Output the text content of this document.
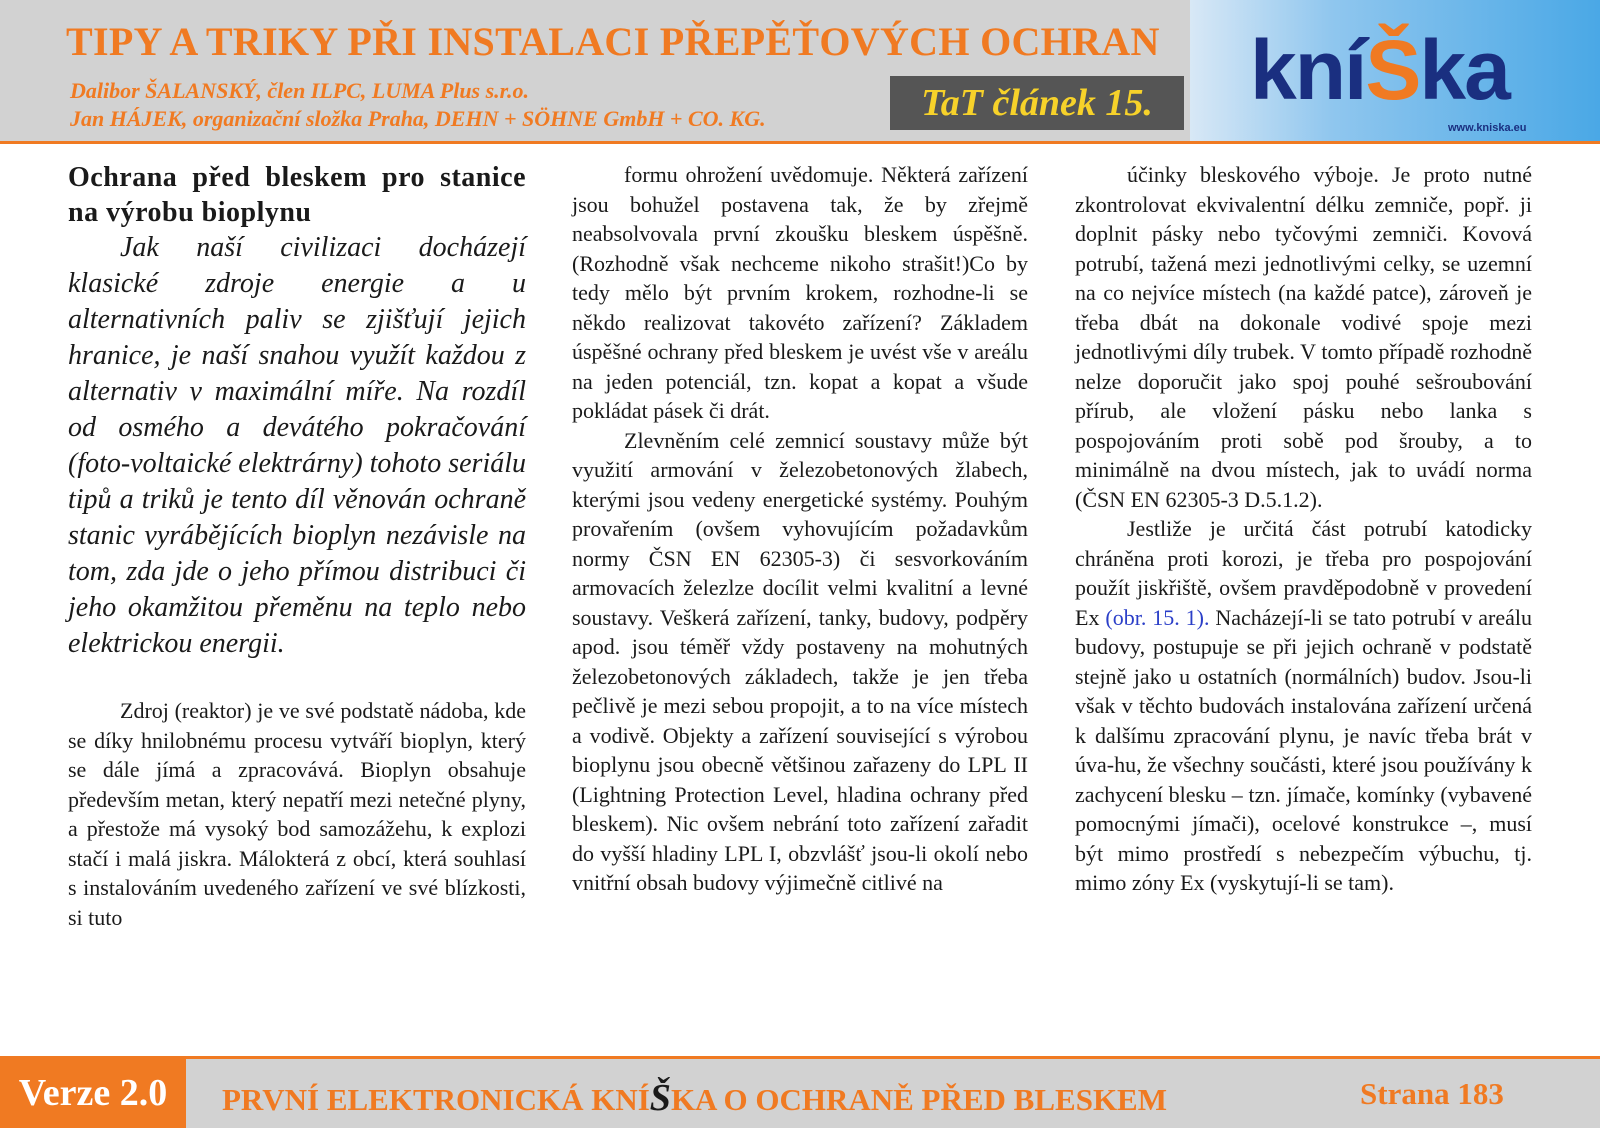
TIPY A TRIKY PŘI INSTALACI PŘEPĚŤOVÝCH OCHRAN
Dalibor ŠALANSKÝ, člen ILPC, LUMA Plus s.r.o.
Jan HÁJEK, organizační složka Praha, DEHN + SÖHNE GmbH + CO. KG.	TaT článek 15.	kníŠka
www.kniska.eu

Ochrana před bleskem pro stanice na výrobu bioplynu

Jak naší civilizaci docházejí klasické zdroje energie a u alternativních paliv se zjišťují jejich hranice, je naší snahou využít každou z alternativ v maximální míře. Na rozdíl od osmého a devátého pokračování (foto-voltaické elektrárny) tohoto seriálu tipů a triků je tento díl věnován ochraně stanic vyrábějících bioplyn nezávisle na tom, zda jde o jeho přímou distribuci či jeho okamžitou přeměnu na teplo nebo elektrickou energii.

Zdroj (reaktor) je ve své podstatě nádoba, kde se díky hnilobnému procesu vytváří bioplyn, který se dále jímá a zpracovává. Bioplyn obsahuje především metan, který nepatří mezi netečné plyny, a přestože má vysoký bod samozážehu, k explozi stačí i malá jiskra. Málokterá z obcí, která souhlasí s instalováním uvedeného zařízení ve své blízkosti, si tuto

formu ohrožení uvědomuje. Některá zařízení jsou bohužel postavena tak, že by zřejmě neabsolvovala první zkoušku bleskem úspěšně. (Rozhodně však nechceme nikoho strašit!)Co by tedy mělo být prvním krokem, rozhodne-li se někdo realizovat takovéto zařízení? Základem úspěšné ochrany před bleskem je uvést vše v areálu na jeden potenciál, tzn. kopat a kopat a všude pokládat pásek či drát.

Zlevněním celé zemnicí soustavy může být využití armování v železobetonových žlabech, kterými jsou vedeny energetické systémy. Pouhým provařením (ovšem vyhovujícím požadavkům normy ČSN EN 62305-3) či sesvorkováním armovacích železlze docílit velmi kvalitní a levné soustavy. Veškerá zařízení, tanky, budovy, podpěry apod. jsou téměř vždy postaveny na mohutných železobetonových základech, takže je jen třeba pečlivě je mezi sebou propojit, a to na více místech a vodivě. Objekty a zařízení související s výrobou bioplynu jsou obecně většinou zařazeny do LPL II (Lightning Protection Level, hladina ochrany před bleskem). Nic ovšem nebrání toto zařízení zařadit do vyšší hladiny LPL I, obzvlášť jsou-li okolí nebo vnitřní obsah budovy výjimečně citlivé na

účinky bleskového výboje. Je proto nutné zkontrolovat ekvivalentní délku zemniče, popř. ji doplnit pásky nebo tyčovými zemniči. Kovová potrubí, tažená mezi jednotlivými celky, se uzemní na co nejvíce místech (na každé patce), zároveň je třeba dbát na dokonale vodivé spoje mezi jednotlivými díly trubek. V tomto případě rozhodně nelze doporučit jako spoj pouhé sešroubování přírub, ale vložení pásku nebo lanka s pospojováním proti sobě pod šrouby, a to minimálně na dvou místech, jak to uvádí norma (ČSN EN 62305-3 D.5.1.2).

Jestliže je určitá část potrubí katodicky chráněna proti korozi, je třeba pro pospojování použít jiskřiště, ovšem pravděpodobně v provedení Ex (obr. 15. 1). Nacházejí-li se tato potrubí v areálu budovy, postupuje se při jejich ochraně v podstatě stejně jako u ostatních (normálních) budov. Jsou-li však v těchto budovách instalována zařízení určená k dalšímu zpracování plynu, je navíc třeba brát v úva-hu, že všechny součásti, které jsou používány k zachycení blesku – tzn. jímače, komínky (vybavené pomocnými jímači), ocelové konstrukce –, musí být mimo prostředí s nebezpečím výbuchu, tj. mimo zóny Ex (vyskytují-li se tam).

Verze 2.0	PRVNÍ ELEKTRONICKÁ KNÍŠKA O OCHRANĚ PŘED BLESKEM	Strana 183
